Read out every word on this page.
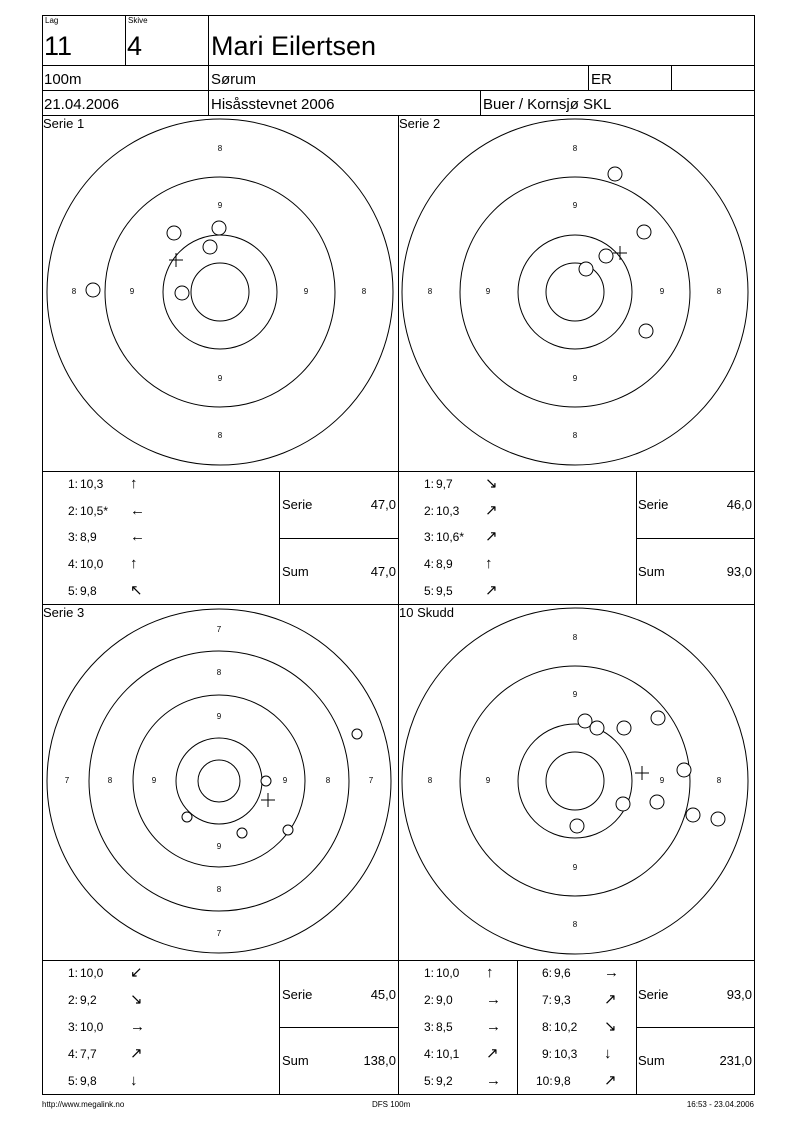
Lag
11
Skive
4	Mari Eilertsen
100m	Sørum	ER
21.04.2006	Hisåsstevnet 2006	Buer / Kornsjø SKL
Serie 1	Serie 2
Serie 3	10 Skudd
8
9
9
8
8	9	9	8
8
9
9
8
8	9	9	8
7
8
9
9
8
7
7	8	9	9	8	7
8
9
9
8
8	9	9	8
1: 10,3 ↑
2: 10,5* ←
3: 8,9 ←
4: 10,0 ↑
5: 9,8 ↖
Serie	47,0
Sum	47,0
1: 9,7 ↘
2: 10,3 ↗
3: 10,6* ↗
4: 8,9 ↑
5: 9,5 ↗
Serie	46,0
Sum	93,0
1: 10,0 ↙
2: 9,2 ↘
3: 10,0 →
4: 7,7 ↗
5: 9,8 ↓
Serie	45,0
Sum	138,0
1: 10,0 ↑
2: 9,0 →
3: 8,5 →
4: 10,1 ↗
5: 9,2 →
6: 9,6 →
7: 9,3 ↗
8: 10,2 ↘
9: 10,3 ↓
10: 9,8 ↗
Serie	93,0
Sum	231,0
http://www.megalink.no	DFS 100m	16:53 - 23.04.2006
